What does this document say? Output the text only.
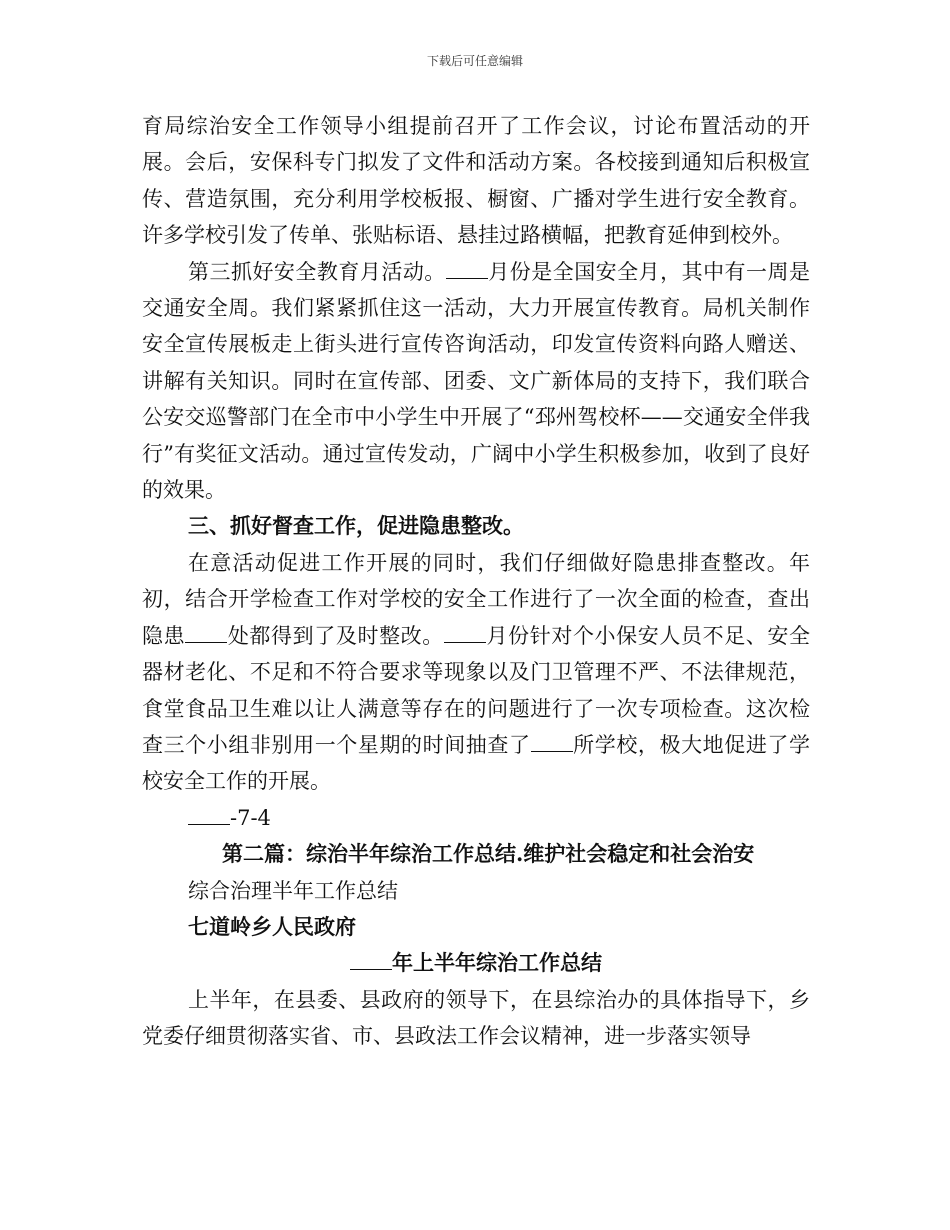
下载后可任意编辑

育局综治安全工作领导小组提前召开了工作会议，讨论布置活动的开展。会后，安保科专门拟发了文件和活动方案。各校接到通知后积极宣传、营造氛围，充分利用学校板报、橱窗、广播对学生进行安全教育。许多学校引发了传单、张贴标语、悬挂过路横幅，把教育延伸到校外。

第三抓好安全教育月活动。 月份是全国安全月，其中有一周是交通安全周。我们紧紧抓住这一活动，大力开展宣传教育。局机关制作安全宣传展板走上街头进行宣传咨询活动，印发宣传资料向路人赠送、讲解有关知识。同时在宣传部、团委、文广新体局的支持下，我们联合公安交巡警部门在全市中小学生中开展了“邳州驾校杯——交通安全伴我行”有奖征文活动。通过宣传发动，广阔中小学生积极参加，收到了良好的效果。

三、抓好督查工作，促进隐患整改。

在意活动促进工作开展的同时，我们仔细做好隐患排查整改。年初，结合开学检查工作对学校的安全工作进行了一次全面的检查，查出隐患 处都得到了及时整改。 月份针对个小保安人员不足、安全器材老化、不足和不符合要求等现象以及门卫管理不严、不法律规范，食堂食品卫生难以让人满意等存在的问题进行了一次专项检查。这次检查三个小组非别用一个星期的时间抽查了 所学校，极大地促进了学校安全工作的开展。

-7-4

第二篇：综治半年综治工作总结.维护社会稳定和社会治安

综合治理半年工作总结

七道岭乡人民政府

年上半年综治工作总结

上半年，在县委、县政府的领导下，在县综治办的具体指导下，乡党委仔细贯彻落实省、市、县政法工作会议精神，进一步落实领导
